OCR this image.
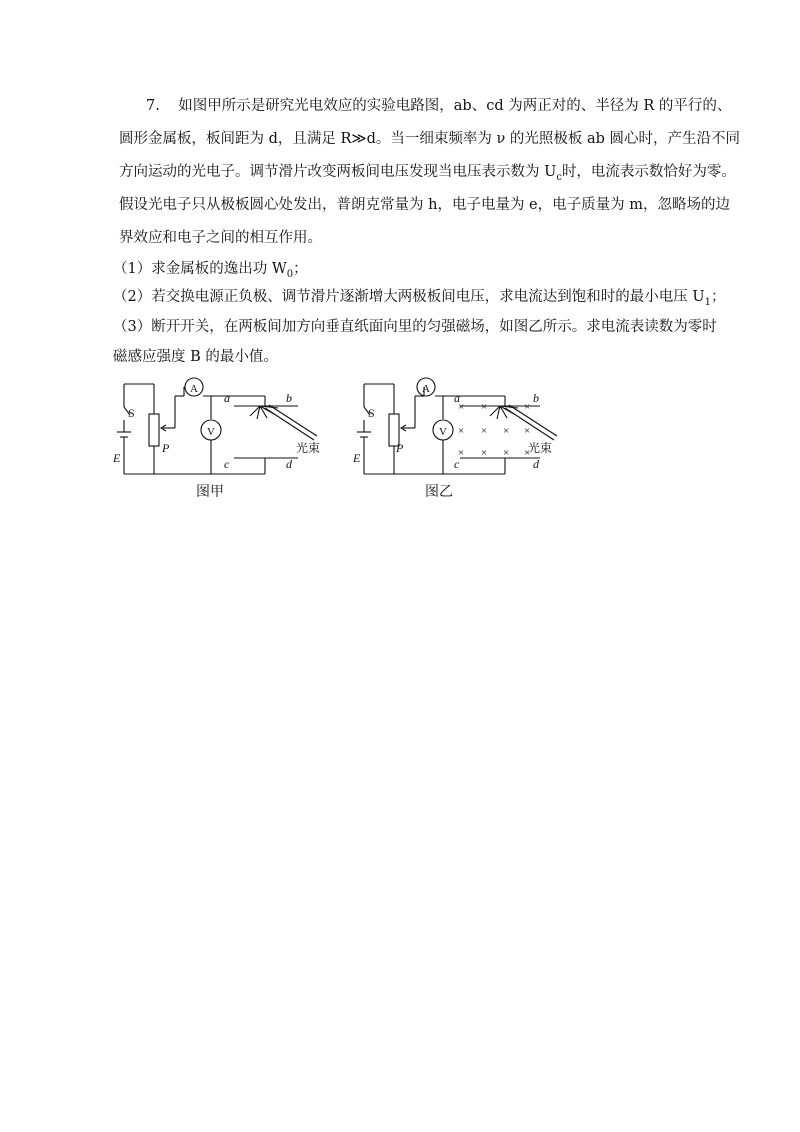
7. 如图甲所示是研究光电效应的实验电路图，ab、cd 为两正对的、半径为 R 的平行的、
圆形金属板，板间距为 d，且满足 R≫d。当一细束频率为 ν 的光照极板 ab 圆心时，产生沿不同
方向运动的光电子。调节滑片改变两板间电压发现当电压表示数为 $U_c$时，电流表示数恰好为零。
假设光电子只从极板圆心处发出，普朗克常量为 h，电子电量为 e，电子质量为 m，忽略场的边
界效应和电子之间的相互作用。
（1）求金属板的逸出功 $W_0$；
（2）若交换电源正负极、调节滑片逐渐增大两极板间电压，求电流达到饱和时的最小电压 $U_1$；
（3）断开开关，在两板间加方向垂直纸面向里的匀强磁场，如图乙所示。求电流表读数为零时
磁感应强度 B 的最小值。
A
V
S
E
P
a	b
c	d
光束
图甲
× ×	×
× × × ×
× × × ×
A
V
S
E
P
a	b
c	d
光束
图乙
